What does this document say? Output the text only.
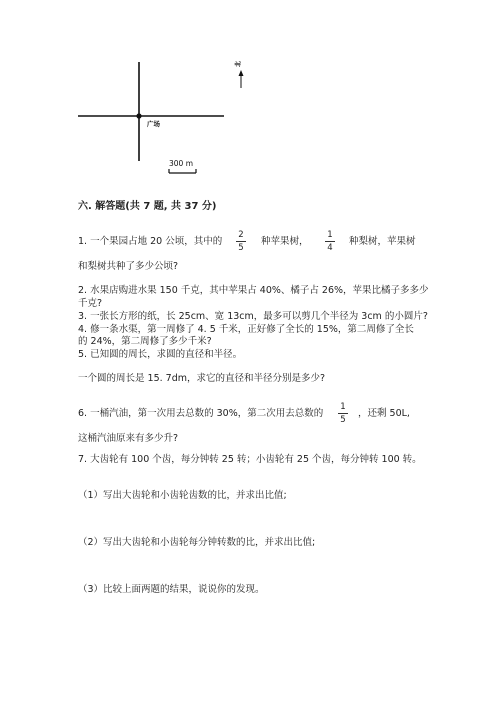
北
广场
300 m
六. 解答题(共 7 题, 共 37 分)
1. 一个果园占地 20 公顷，其中的
2
5
种苹果树，
1
4
种梨树，苹果树
和梨树共种了多少公顷?
2. 水果店购进水果 150 千克，其中苹果占 40%、橘子占 26%，苹果比橘子多多少
千克?
3. 一张长方形的纸，长 25cm、宽 13cm，最多可以剪几个半径为 3cm 的小圆片?
4. 修一条水渠，第一周修了 4. 5 千米，正好修了全长的 15%，第二周修了全长
的 24%，第二周修了多少千米?
5. 已知圆的周长，求圆的直径和半径。
一个圆的周长是 15. 7dm，求它的直径和半径分别是多少?
6. 一桶汽油，第一次用去总数的 30%，第二次用去总数的
1
5
，还剩 50L,
这桶汽油原来有多少升?
7. 大齿轮有 100 个齿，每分钟转 25 转；小齿轮有 25 个齿，每分钟转 100 转。
（1）写出大齿轮和小齿轮齿数的比，并求出比值;
（2）写出大齿轮和小齿轮每分钟转数的比，并求出比值;
（3）比较上面两题的结果，说说你的发现。
